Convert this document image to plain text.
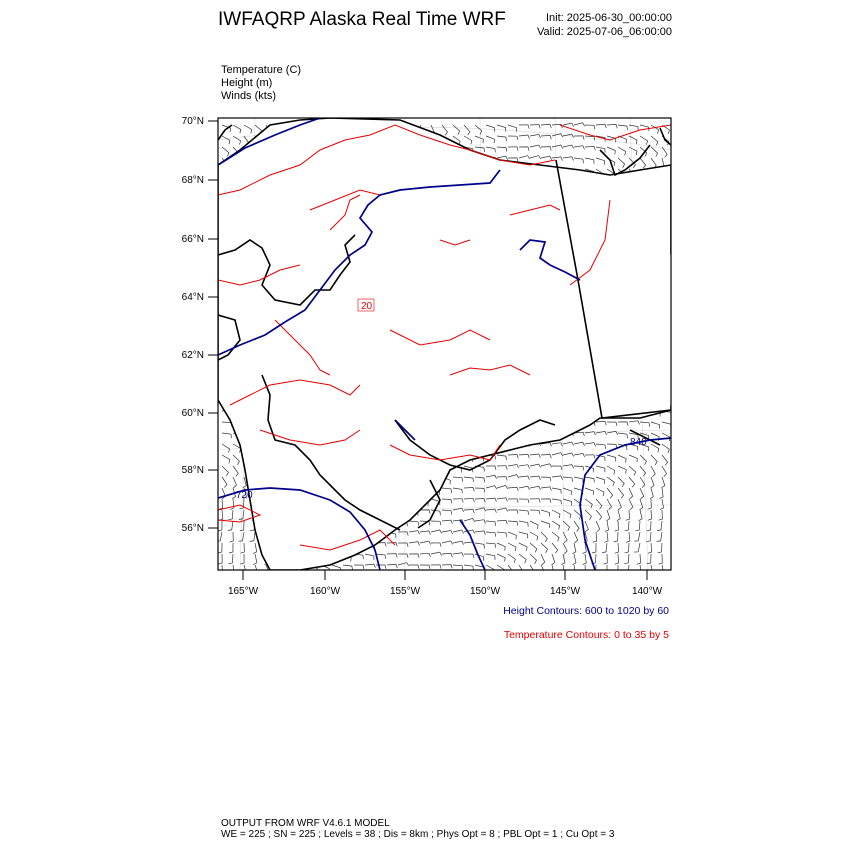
IWFAQRP Alaska Real Time WRF	Init: 2025-06-30_00:00:00
Valid: 2025-07-06_06:00:00
Temperature (C)
Height (m)
Winds (kts)
20
840
720
70°N
68°N
66°N
64°N
62°N
60°N
58°N
56°N
165°W	160°W	155°W	150°W	145°W	140°W
Height Contours: 600 to 1020 by 60
Temperature Contours: 0 to 35 by 5
OUTPUT FROM WRF V4.6.1 MODEL
WE = 225 ; SN = 225 ; Levels = 38 ; Dis = 8km ; Phys Opt = 8 ; PBL Opt = 1 ; Cu Opt = 3
